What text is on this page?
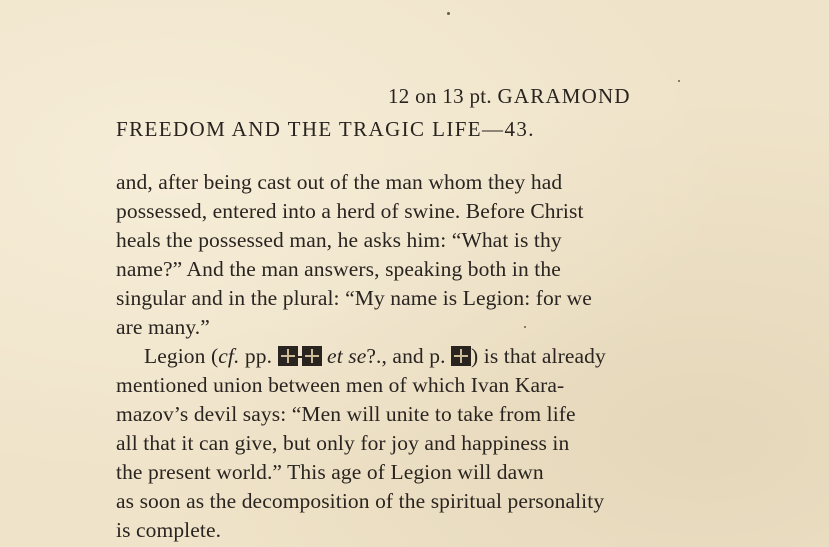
12 on 13 pt. GARAMOND
FREEDOM AND THE TRAGIC LIFE—43.
and, after being cast out of the man whom they had
possessed, entered into a herd of swine. Before Christ
heals the possessed man, he asks him: “What is thy
name?” And the man answers, speaking both in the
singular and in the plural: “My name is Legion: for we
are many.”
Legion (cf. pp.  et se?., and p. ) is that already
mentioned union between men of which Ivan Kara-
mazov’s devil says: “Men will unite to take from life
all that it can give, but only for joy and happiness in
the present world.” This age of Legion will dawn
as soon as the decomposition of the spiritual personality
is complete.
